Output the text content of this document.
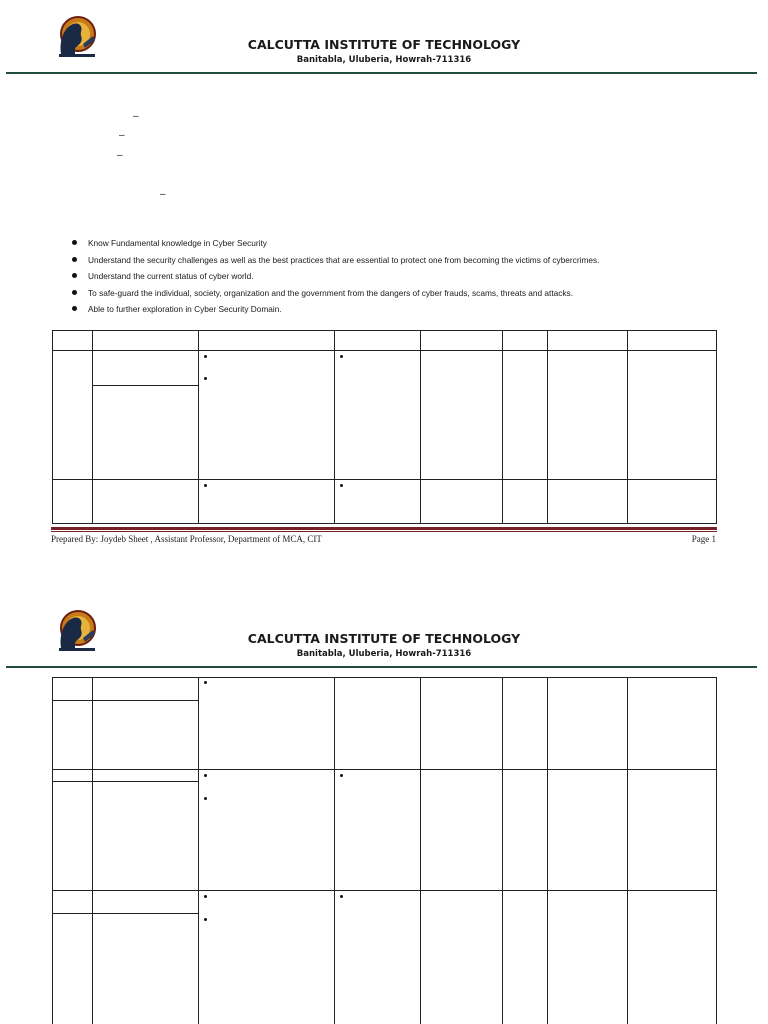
CALCUTTA INSTITUTE OF TECHNOLOGY
Banitabla, Uluberia, Howrah-711316
–
–
–
–
Know Fundamental knowledge in Cyber Security
Understand the security challenges as well as the best practices that are essential to protect one from becoming the victims of cybercrimes.
Understand the current status of cyber world.
To safe-guard the individual, society, organization and the government from the dangers of cyber frauds, scams, threats and attacks.
Able to further exploration in Cyber Security Domain.
Prepared By: Joydeb Sheet , Assistant Professor, Department of MCA, CIT	Page 1
CALCUTTA INSTITUTE OF TECHNOLOGY
Banitabla, Uluberia, Howrah-711316
